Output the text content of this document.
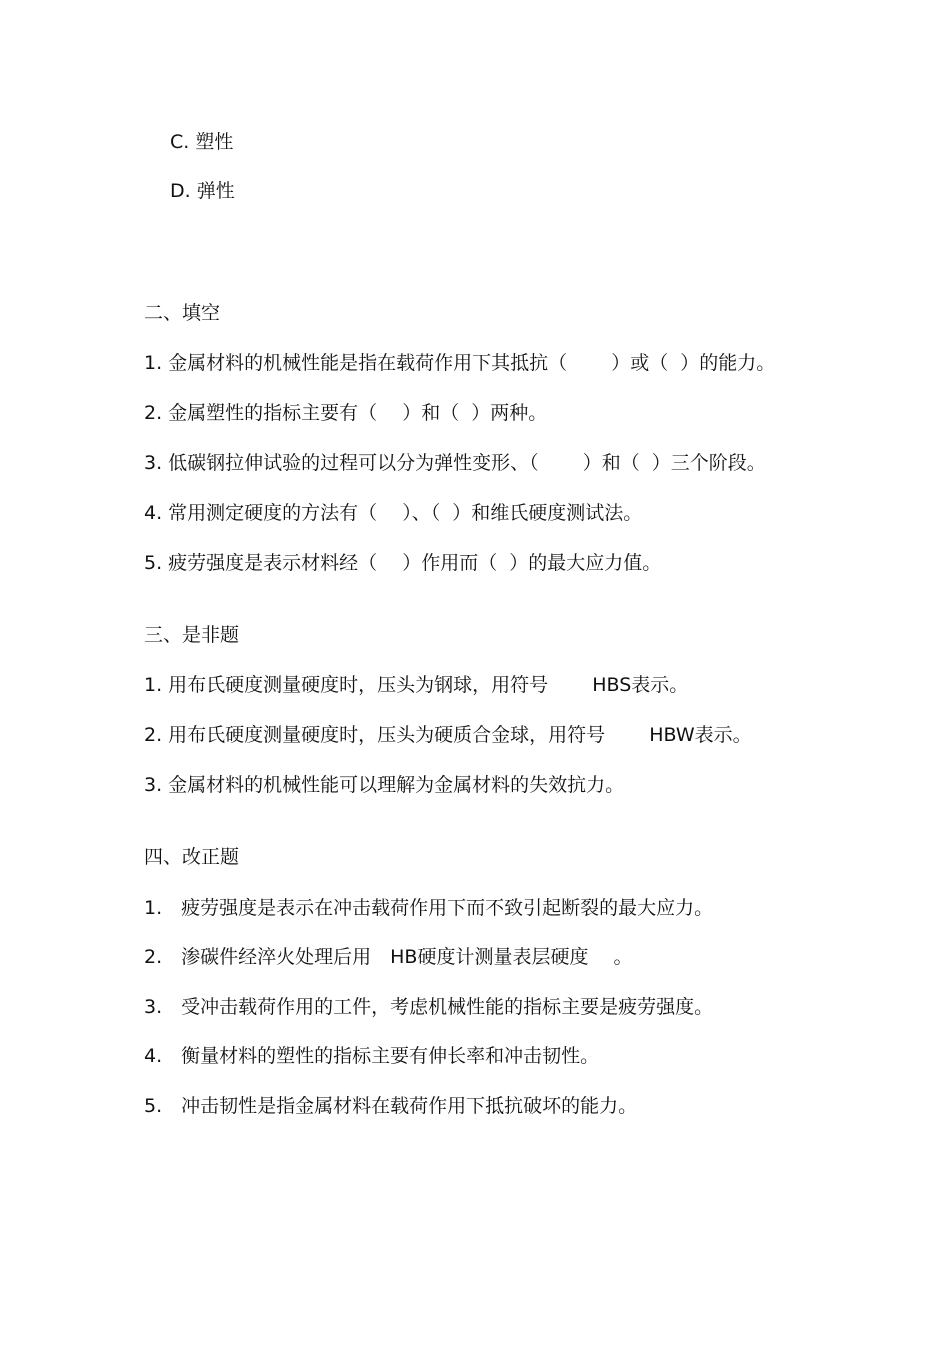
C. 塑性
D. 弹性
二、填空
1. 金属材料的机械性能是指在载荷作用下其抵抗（　　 ）或（  ）的能力。
2. 金属塑性的指标主要有（　 ）和（  ）两种。
3. 低碳钢拉伸试验的过程可以分为弹性变形、（　　 ）和（  ）三个阶段。
4. 常用测定硬度的方法有（　 ）、（  ）和维氏硬度测试法。
5. 疲劳强度是表示材料经（　 ）作用而（  ）的最大应力值。
三、是非题
1. 用布氏硬度测量硬度时，压头为钢球，用符号　　 HBS表示。
2. 用布氏硬度测量硬度时，压头为硬质合金球，用符号　　 HBW表示。
3. 金属材料的机械性能可以理解为金属材料的失效抗力。
四、改正题
1.　疲劳强度是表示在冲击载荷作用下而不致引起断裂的最大应力。
2.　渗碳件经淬火处理后用　HB硬度计测量表层硬度　 。
3.　受冲击载荷作用的工件，考虑机械性能的指标主要是疲劳强度。
4.　衡量材料的塑性的指标主要有伸长率和冲击韧性。
5.　冲击韧性是指金属材料在载荷作用下抵抗破坏的能力。
